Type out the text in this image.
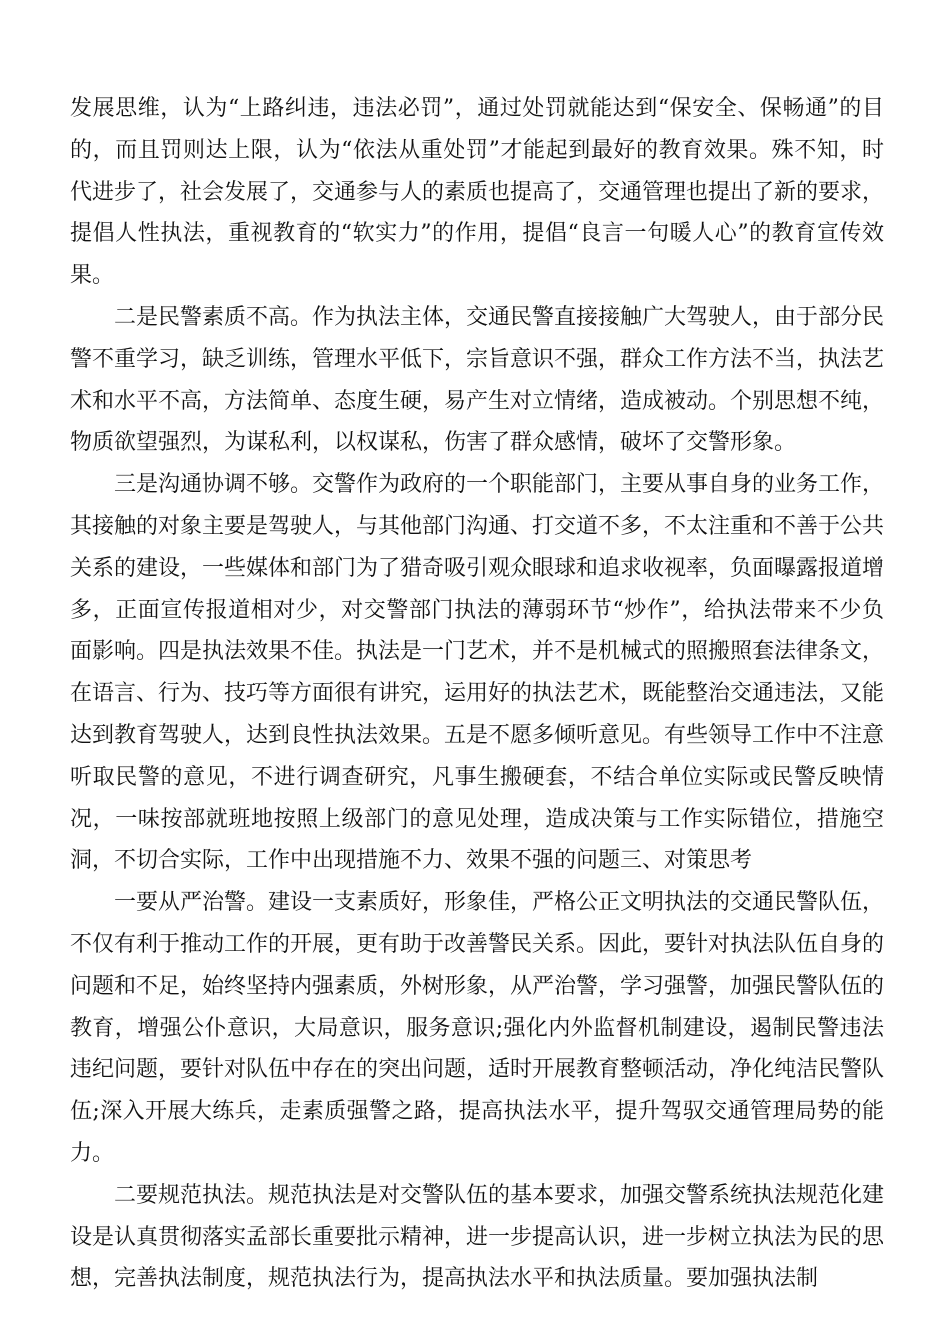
发展思维，认为“上路纠违，违法必罚”，通过处罚就能达到“保安全、保畅通”的目的，而且罚则达上限，认为“依法从重处罚”才能起到最好的教育效果。殊不知，时代进步了，社会发展了，交通参与人的素质也提高了，交通管理也提出了新的要求，提倡人性执法，重视教育的“软实力”的作用，提倡“良言一句暖人心”的教育宣传效果。

二是民警素质不高。作为执法主体，交通民警直接接触广大驾驶人，由于部分民警不重学习，缺乏训练，管理水平低下，宗旨意识不强，群众工作方法不当，执法艺术和水平不高，方法简单、态度生硬，易产生对立情绪，造成被动。个别思想不纯，物质欲望强烈，为谋私利，以权谋私，伤害了群众感情，破坏了交警形象。

三是沟通协调不够。交警作为政府的一个职能部门，主要从事自身的业务工作，其接触的对象主要是驾驶人，与其他部门沟通、打交道不多，不太注重和不善于公共关系的建设，一些媒体和部门为了猎奇吸引观众眼球和追求收视率，负面曝露报道增多，正面宣传报道相对少，对交警部门执法的薄弱环节“炒作”，给执法带来不少负面影响。四是执法效果不佳。执法是一门艺术，并不是机械式的照搬照套法律条文，在语言、行为、技巧等方面很有讲究，运用好的执法艺术，既能整治交通违法，又能达到教育驾驶人，达到良性执法效果。五是不愿多倾听意见。有些领导工作中不注意听取民警的意见，不进行调查研究，凡事生搬硬套，不结合单位实际或民警反映情况，一味按部就班地按照上级部门的意见处理，造成决策与工作实际错位，措施空洞，不切合实际，工作中出现措施不力、效果不强的问题三、对策思考

一要从严治警。建设一支素质好，形象佳，严格公正文明执法的交通民警队伍，不仅有利于推动工作的开展，更有助于改善警民关系。因此，要针对执法队伍自身的问题和不足，始终坚持内强素质，外树形象，从严治警，学习强警，加强民警队伍的教育，增强公仆意识，大局意识，服务意识;强化内外监督机制建设，遏制民警违法违纪问题，要针对队伍中存在的突出问题，适时开展教育整顿活动，净化纯洁民警队伍;深入开展大练兵，走素质强警之路，提高执法水平，提升驾驭交通管理局势的能力。

二要规范执法。规范执法是对交警队伍的基本要求，加强交警系统执法规范化建设是认真贯彻落实孟部长重要批示精神，进一步提高认识，进一步树立执法为民的思想，完善执法制度，规范执法行为，提高执法水平和执法质量。要加强执法制
